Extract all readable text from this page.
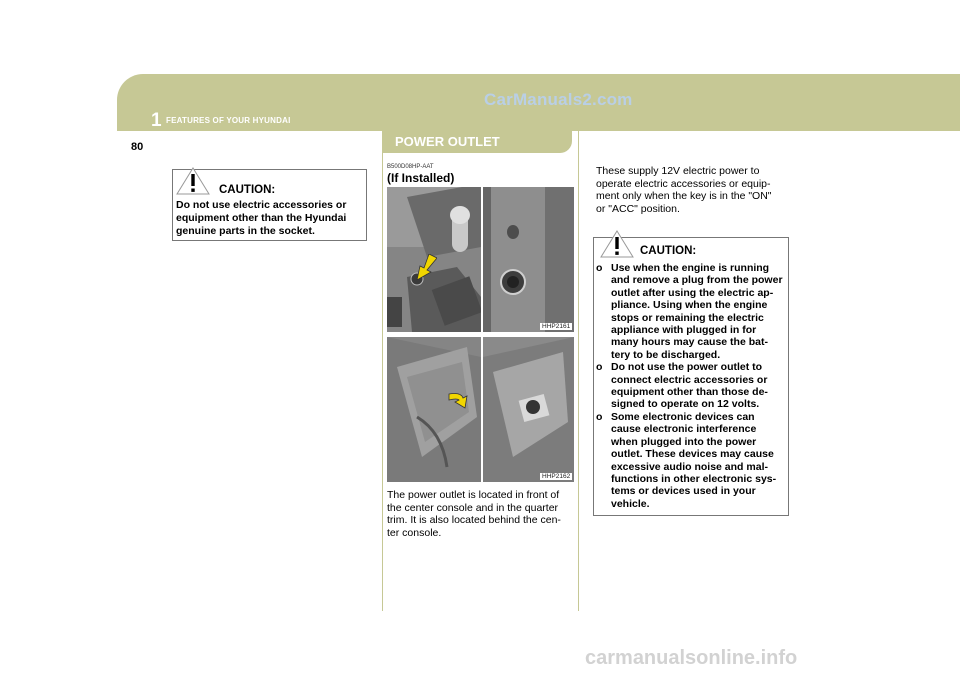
CarManuals2.com
1 FEATURES OF YOUR HYUNDAI
80	POWER OUTLET
CAUTION:
Do not use electric accessories or
equipment other than the Hyundai
genuine parts in the socket.
B500D08HP-AAT
(If Installed)
HHP2161
HHP2162
The power outlet is located in front of
the center console and in the quarter
trim. It is also located behind the cen-
ter console.
These supply 12V electric power to
operate electric accessories or equip-
ment only when the key is in the "ON"
or "ACC" position.
CAUTION:
o Use when the engine is running
and remove a plug from the power
outlet after using the electric ap-
pliance. Using when the engine
stops or remaining the electric
appliance with plugged in for
many hours may cause the bat-
tery to be discharged.
o Do not use the power outlet to
connect electric accessories or
equipment other than those de-
signed to operate on 12 volts.
o Some electronic devices can
cause electronic interference
when plugged into the power
outlet. These devices may cause
excessive audio noise and mal-
functions in other electronic sys-
tems or devices used in your
vehicle.
carmanualsonline.info
